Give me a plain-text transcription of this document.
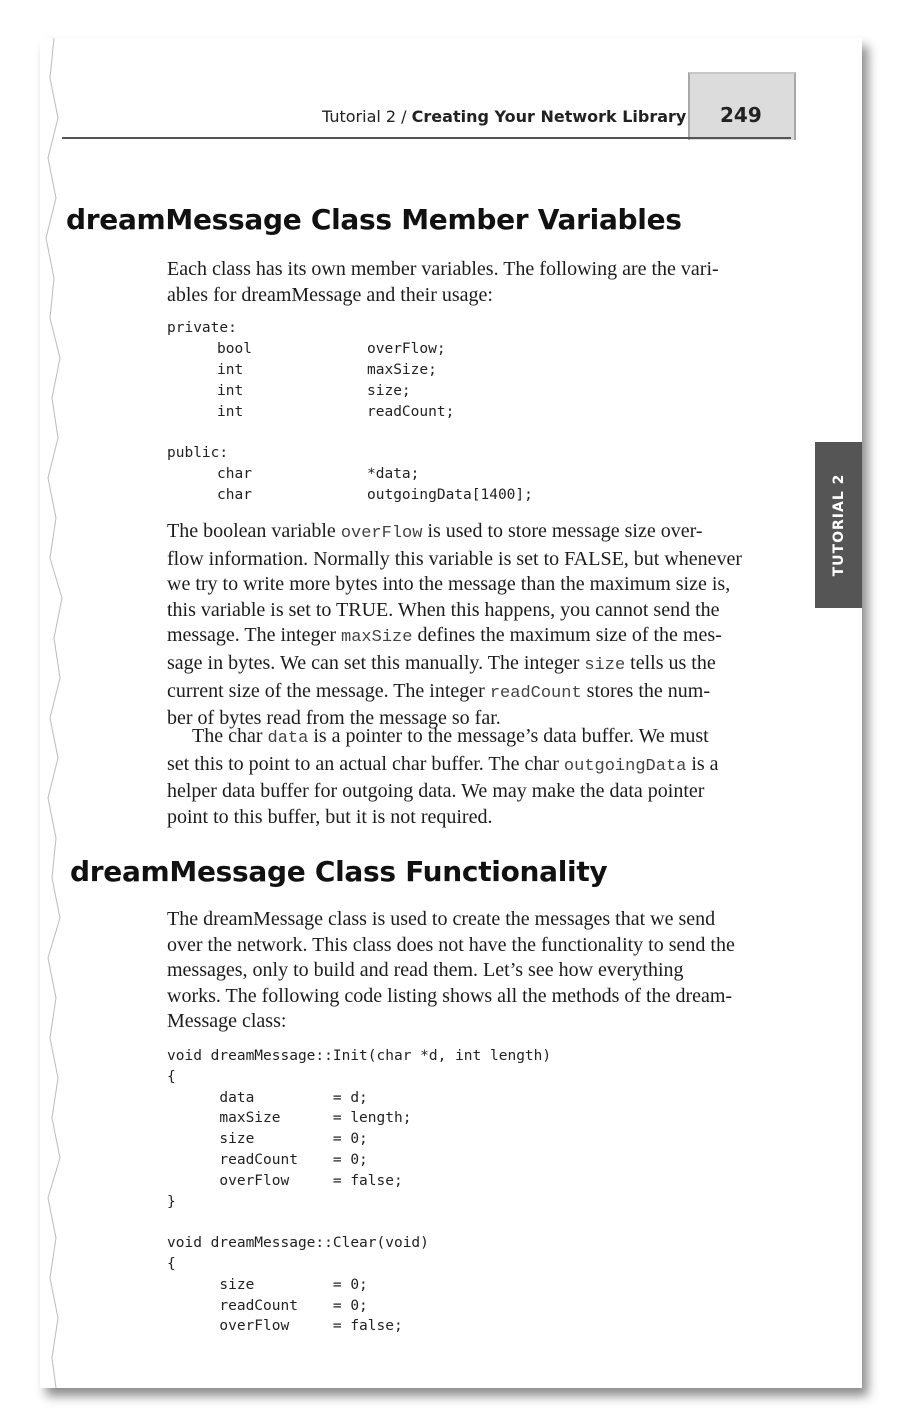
Tutorial 2 / Creating Your Network Library 249
TUTORIAL 2
dreamMessage Class Member Variables

Each class has its own member variables. The following are the vari-
ables for dreamMessage and their usage:

private:

bool	overFlow;
int	maxSize;
int	size;
int	readCount;
public:
char	*data;
char	outgoingData[1400];

The boolean variable overFlow is used to store message size over-
flow information. Normally this variable is set to FALSE, but whenever
we try to write more bytes into the message than the maximum size is,
this variable is set to TRUE. When this happens, you cannot send the
message. The integer maxSize defines the maximum size of the mes-
sage in bytes. We can set this manually. The integer size tells us the
current size of the message. The integer readCount stores the num-
ber of bytes read from the message so far.

The char data is a pointer to the message’s data buffer. We must
set this to point to an actual char buffer. The char outgoingData is a
helper data buffer for outgoing data. We may make the data pointer
point to this buffer, but it is not required.

dreamMessage Class Functionality

The dreamMessage class is used to create the messages that we send
over the network. This class does not have the functionality to send the
messages, only to build and read them. Let’s see how everything
works. The following code listing shows all the methods of the dream-
Message class:

void dreamMessage::Init(char *d, int length)
{
data         = d;
maxSize      = length;
size         = 0;
readCount    = 0;
overFlow     = false;
}

void dreamMessage::Clear(void)
{
size         = 0;
readCount    = 0;
overFlow     = false;
